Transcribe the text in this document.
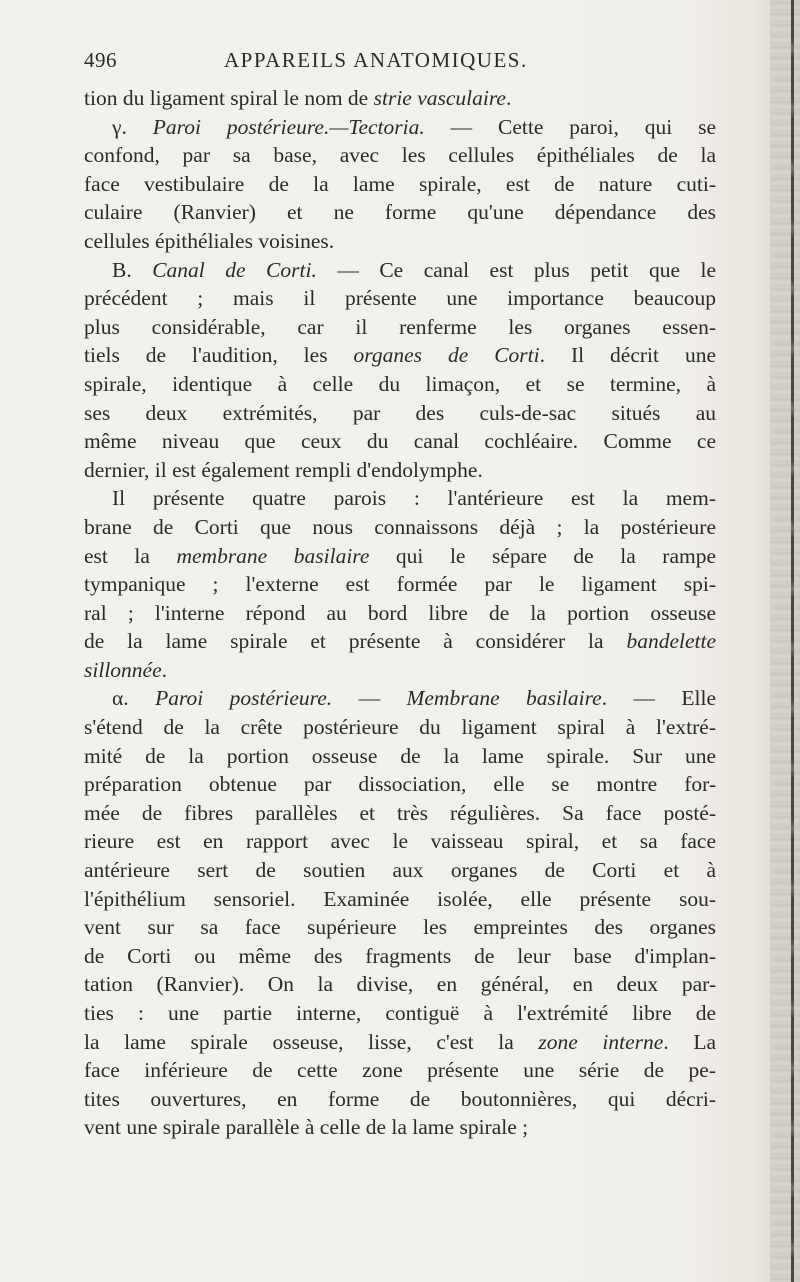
496	APPAREILS ANATOMIQUES.
tion du ligament spiral le nom de strie vasculaire.
γ. Paroi postérieure.—Tectoria. — Cette paroi, qui se
confond, par sa base, avec les cellules épithéliales de la
face vestibulaire de la lame spirale, est de nature cuti-
culaire (Ranvier) et ne forme qu'une dépendance des
cellules épithéliales voisines.
B. Canal de Corti. — Ce canal est plus petit que le
précédent ; mais il présente une importance beaucoup
plus considérable, car il renferme les organes essen-
tiels de l'audition, les organes de Corti. Il décrit une
spirale, identique à celle du limaçon, et se termine, à
ses deux extrémités, par des culs-de-sac situés au
même niveau que ceux du canal cochléaire. Comme ce
dernier, il est également rempli d'endolymphe.
Il présente quatre parois : l'antérieure est la mem-
brane de Corti que nous connaissons déjà ; la postérieure
est la membrane basilaire qui le sépare de la rampe
tympanique ; l'externe est formée par le ligament spi-
ral ; l'interne répond au bord libre de la portion osseuse
de la lame spirale et présente à considérer la bandelette
sillonnée.
α. Paroi postérieure. — Membrane basilaire. — Elle
s'étend de la crête postérieure du ligament spiral à l'extré-
mité de la portion osseuse de la lame spirale. Sur une
préparation obtenue par dissociation, elle se montre for-
mée de fibres parallèles et très régulières. Sa face posté-
rieure est en rapport avec le vaisseau spiral, et sa face
antérieure sert de soutien aux organes de Corti et à
l'épithélium sensoriel. Examinée isolée, elle présente sou-
vent sur sa face supérieure les empreintes des organes
de Corti ou même des fragments de leur base d'implan-
tation (Ranvier). On la divise, en général, en deux par-
ties : une partie interne, contiguë à l'extrémité libre de
la lame spirale osseuse, lisse, c'est la zone interne. La
face inférieure de cette zone présente une série de pe-
tites ouvertures, en forme de boutonnières, qui décri-
vent une spirale parallèle à celle de la lame spirale ;
